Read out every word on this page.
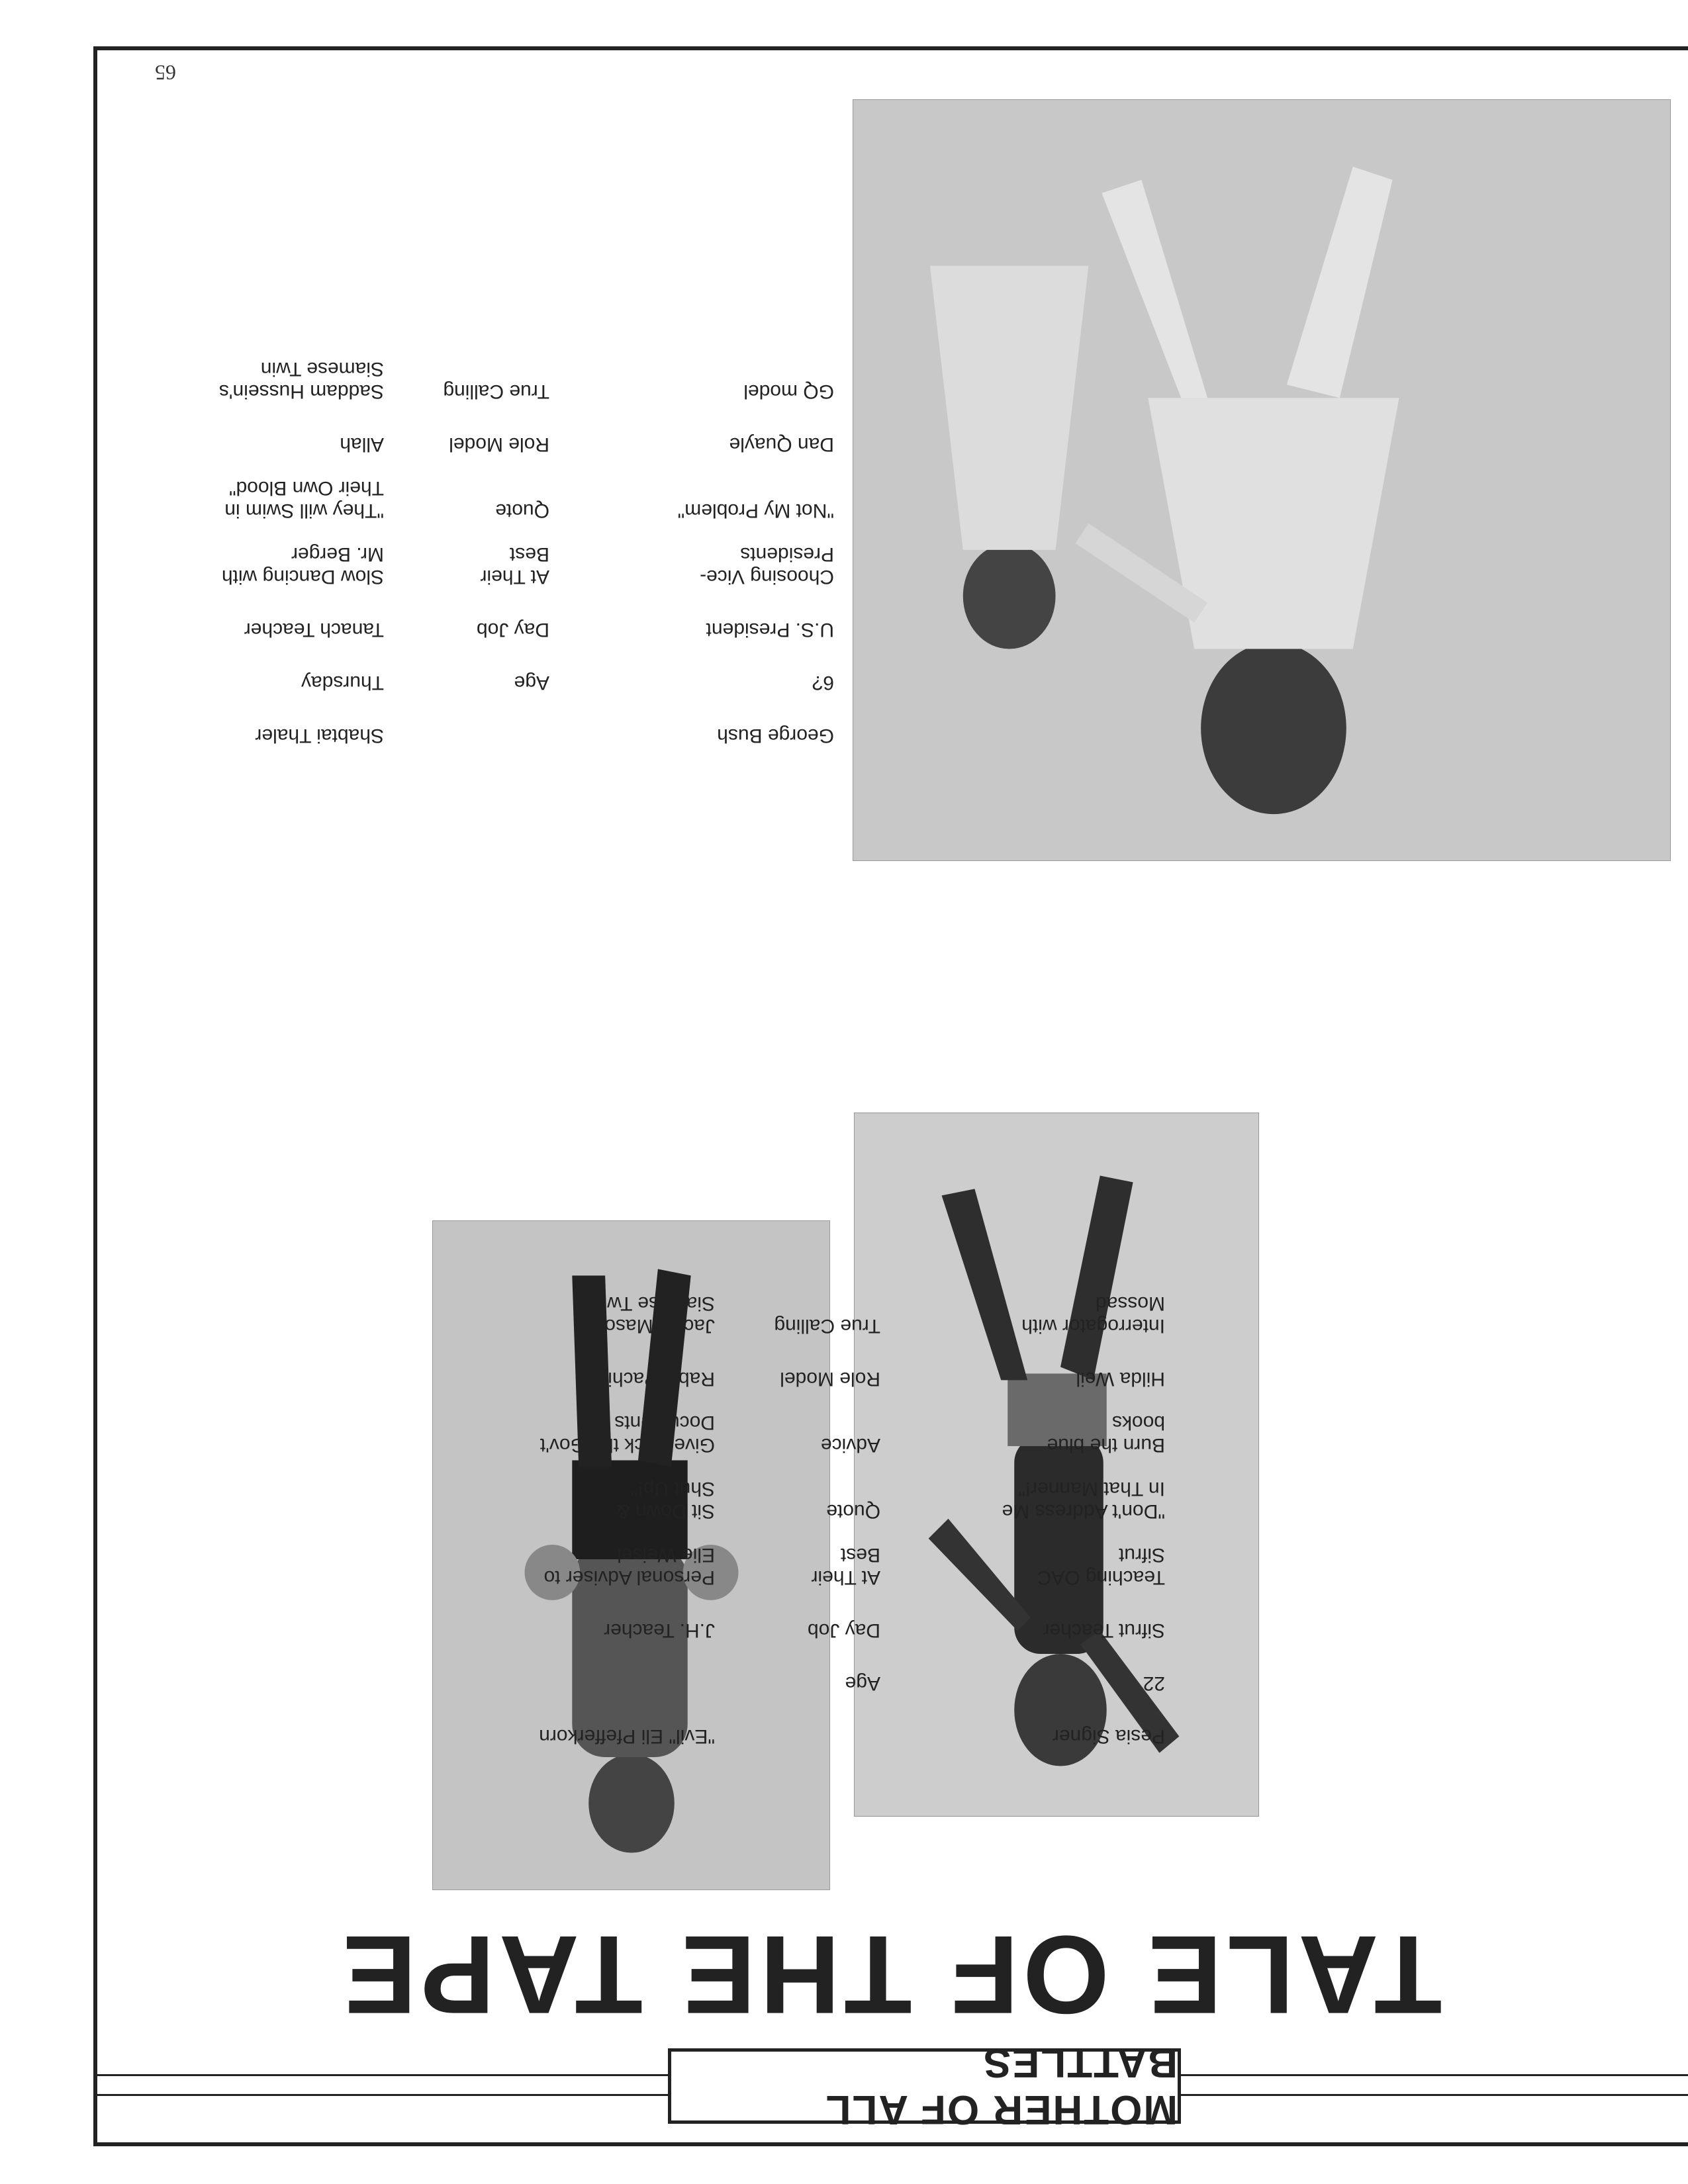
MOTHER OF ALL BATTLES
TALE OF THE TAPE
Pesia Signer
"Evil" Eli Pfefferkorn
22
Age
Sifrut Teacher
Day Job
J.H. Teacher
Teaching OAC
Sifrut
At Their
Best
Personal Adviser to
Elie Weisel
"Don't Address Me
In That Manner!"
Quote
Sit Down &
Shut Up!"
Burn the blue
books
Advice
Give Back the Gov't
Documents
Hilda Weil
Role Model
Rabbi Pachino
Interrogator with
Mossad
True Calling
Jackie Mason's
Siamese Twin
George Bush
Shabtai Thaler
6?
Age
Thursday
U.S. President
Day Job
Tanach Teacher
Choosing Vice-
Presidents
At Their
Best
Slow Dancing with
Mr. Berger
"Not My Problem"
Quote
"They will Swim in
Their Own Blood"
Dan Quayle
Role Model
Allah
GQ model
True Calling
Saddam Hussein's
Siamese Twin
65
